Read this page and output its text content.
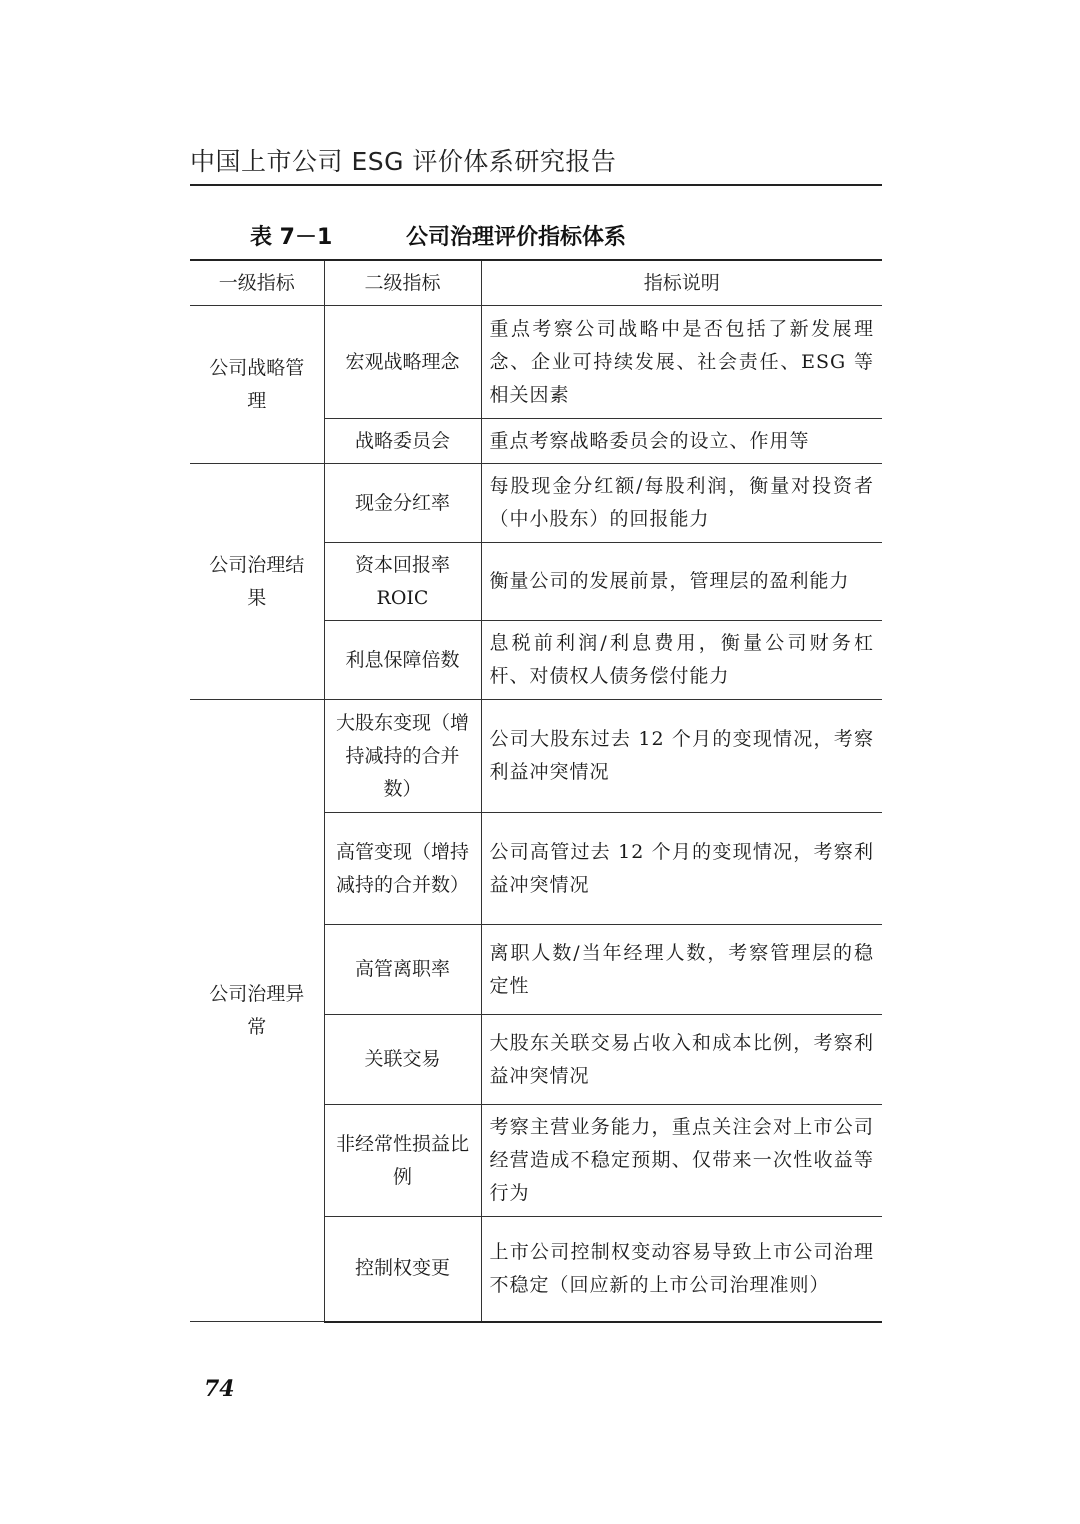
中国上市公司 ESG 评价体系研究报告
表 7－1	公司治理评价指标体系
一级指标	二级指标	指标说明
公司战略管理	宏观战略理念	重点考察公司战略中是否包括了新发展理念、企业可持续发展、社会责任、ESG 等相关因素
	战略委员会	重点考察战略委员会的设立、作用等
公司治理结果	现金分红率	每股现金分红额/每股利润，衡量对投资者（中小股东）的回报能力
	资本回报率 ROIC	衡量公司的发展前景，管理层的盈利能力
	利息保障倍数	息税前利润/利息费用，衡量公司财务杠杆、对债权人债务偿付能力
公司治理异常	大股东变现（增持减持的合并数）	公司大股东过去 12 个月的变现情况，考察利益冲突情况
	高管变现（增持减持的合并数）	公司高管过去 12 个月的变现情况，考察利益冲突情况
	高管离职率	离职人数/当年经理人数，考察管理层的稳定性
	关联交易	大股东关联交易占收入和成本比例，考察利益冲突情况
	非经常性损益比例	考察主营业务能力，重点关注会对上市公司经营造成不稳定预期、仅带来一次性收益等行为
	控制权变更	上市公司控制权变动容易导致上市公司治理不稳定（回应新的上市公司治理准则）
74
